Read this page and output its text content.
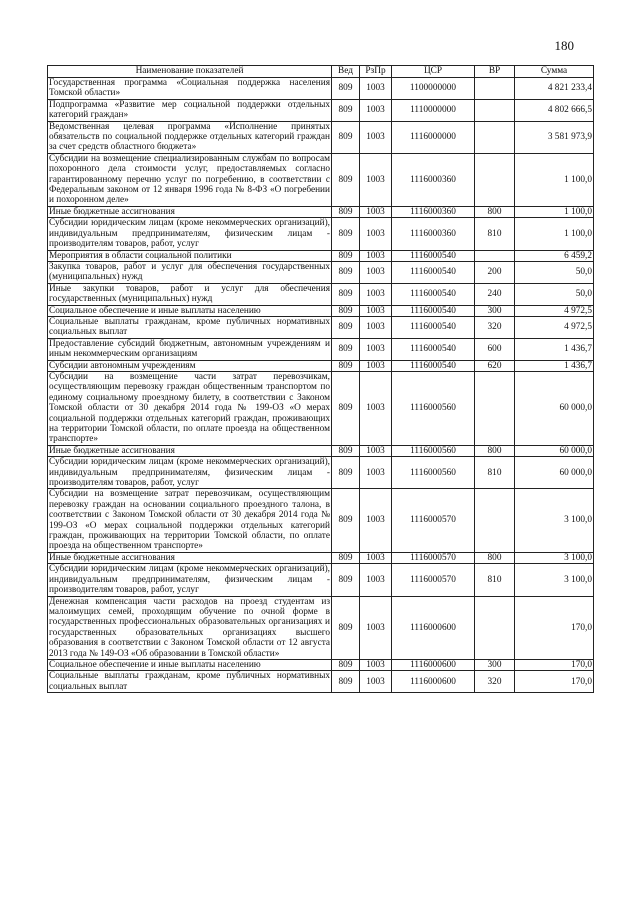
180
Наименование показателей	Вед	РзПр	ЦСР	ВР	Сумма
Государственная программа «Социальная поддержка населения Томской области»	809	1003	1100000000		4 821 233,4
Подпрограмма «Развитие мер социальной поддержки отдельных категорий граждан»	809	1003	1110000000		4 802 666,5
Ведомственная целевая программа «Исполнение принятых обязательств по социальной поддержке отдельных категорий граждан за счет средств областного бюджета»	809	1003	1116000000		3 581 973,9
Субсидии на возмещение специализированным службам по вопросам похоронного дела стоимости услуг, предоставляемых согласно гарантированному перечню услуг по погребению, в соответствии с Федеральным законом от 12 января 1996 года № 8-ФЗ «О погребении и похоронном деле»	809	1003	1116000360		1 100,0
Иные бюджетные ассигнования	809	1003	1116000360	800	1 100,0
Субсидии юридическим лицам (кроме некоммерческих организаций), индивидуальным предпринимателям, физическим лицам - производителям товаров, работ, услуг	809	1003	1116000360	810	1 100,0
Мероприятия в области социальной политики	809	1003	1116000540		6 459,2
Закупка товаров, работ и услуг для обеспечения государственных (муниципальных) нужд	809	1003	1116000540	200	50,0
Иные закупки товаров, работ и услуг для обеспечения государственных (муниципальных) нужд	809	1003	1116000540	240	50,0
Социальное обеспечение и иные выплаты населению	809	1003	1116000540	300	4 972,5
Социальные выплаты гражданам, кроме публичных нормативных социальных выплат	809	1003	1116000540	320	4 972,5
Предоставление субсидий бюджетным, автономным учреждениям и иным некоммерческим организациям	809	1003	1116000540	600	1 436,7
Субсидии автономным учреждениям	809	1003	1116000540	620	1 436,7
Субсидии на возмещение части затрат перевозчикам, осуществляющим перевозку граждан общественным транспортом по единому социальному проездному билету, в соответствии с Законом Томской области от 30 декабря 2014 года № 199-ОЗ «О мерах социальной поддержки отдельных категорий граждан, проживающих на территории Томской области, по оплате проезда на общественном транспорте»	809	1003	1116000560		60 000,0
Иные бюджетные ассигнования	809	1003	1116000560	800	60 000,0
Субсидии юридическим лицам (кроме некоммерческих организаций), индивидуальным предпринимателям, физическим лицам - производителям товаров, работ, услуг	809	1003	1116000560	810	60 000,0
Субсидии на возмещение затрат перевозчикам, осуществляющим перевозку граждан на основании социального проездного талона, в соответствии с Законом Томской области от 30 декабря 2014 года № 199-ОЗ «О мерах социальной поддержки отдельных категорий граждан, проживающих на территории Томской области, по оплате проезда на общественном транспорте»	809	1003	1116000570		3 100,0
Иные бюджетные ассигнования	809	1003	1116000570	800	3 100,0
Субсидии юридическим лицам (кроме некоммерческих организаций), индивидуальным предпринимателям, физическим лицам - производителям товаров, работ, услуг	809	1003	1116000570	810	3 100,0
Денежная компенсация части расходов на проезд студентам из малоимущих семей, проходящим обучение по очной форме в государственных профессиональных образовательных организациях и государственных образовательных организациях высшего образования в соответствии с Законом Томской области от 12 августа 2013 года № 149-ОЗ «Об образовании в Томской области»	809	1003	1116000600		170,0
Социальное обеспечение и иные выплаты населению	809	1003	1116000600	300	170,0
Социальные выплаты гражданам, кроме публичных нормативных социальных выплат	809	1003	1116000600	320	170,0
